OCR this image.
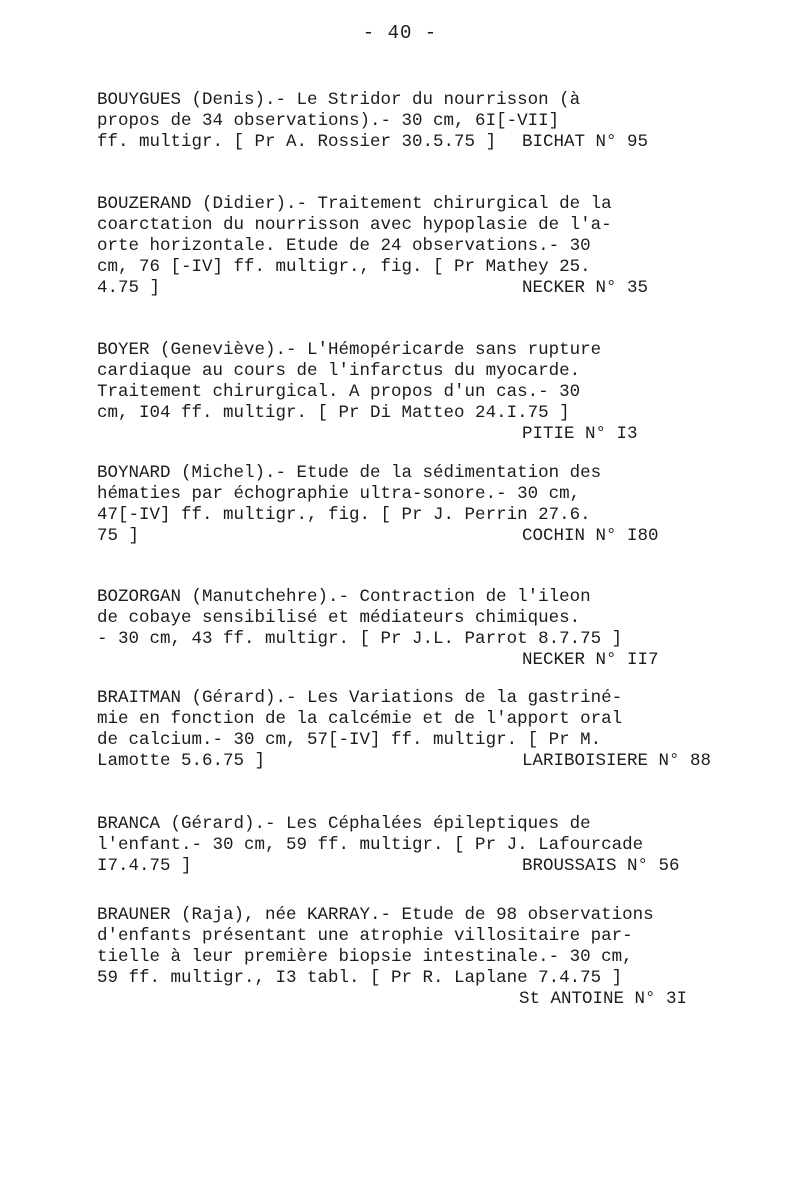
- 40 -
BOUYGUES (Denis).- Le Stridor du nourrisson (à
propos de 34 observations).- 30 cm, 6I[-VII]
ff. multigr. [ Pr A. Rossier 30.5.75 ] BICHAT N° 95
BOUZERAND (Didier).- Traitement chirurgical de la
coarctation du nourrisson avec hypoplasie de l'a-
orte horizontale. Etude de 24 observations.- 30
cm, 76 [-IV] ff. multigr., fig. [ Pr Mathey 25.
4.75 ]	NECKER N° 35
BOYER (Geneviève).- L'Hémopéricarde sans rupture
cardiaque au cours de l'infarctus du myocarde.
Traitement chirurgical. A propos d'un cas.- 30
cm, I04 ff. multigr. [ Pr Di Matteo 24.I.75 ]
PITIE N° I3
BOYNARD (Michel).- Etude de la sédimentation des
hématies par échographie ultra-sonore.- 30 cm,
47[-IV] ff. multigr., fig. [ Pr J. Perrin 27.6.
75 ]	COCHIN N° I80
BOZORGAN (Manutchehre).- Contraction de l'ileon
de cobaye sensibilisé et médiateurs chimiques.
- 30 cm, 43 ff. multigr. [ Pr J.L. Parrot 8.7.75 ]
NECKER N° II7
BRAITMAN (Gérard).- Les Variations de la gastriné-
mie en fonction de la calcémie et de l'apport oral
de calcium.- 30 cm, 57[-IV] ff. multigr. [ Pr M.
Lamotte 5.6.75 ]	LARIBOISIERE N° 88
BRANCA (Gérard).- Les Céphalées épileptiques de
l'enfant.- 30 cm, 59 ff. multigr. [ Pr J. Lafourcade
I7.4.75 ]	BROUSSAIS N° 56
BRAUNER (Raja), née KARRAY.- Etude de 98 observations
d'enfants présentant une atrophie villositaire par-
tielle à leur première biopsie intestinale.- 30 cm,
59 ff. multigr., I3 tabl. [ Pr R. Laplane 7.4.75 ]
St ANTOINE N° 3I
